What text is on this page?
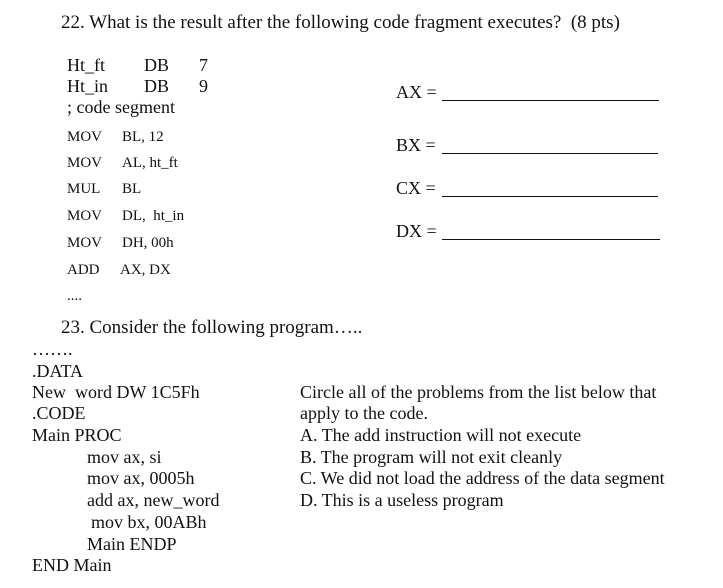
22. What is the result after the following code fragment executes?  (8 pts)
Ht_ft DB 7
Ht_in DB 9
; code segment
MOV BL, 12
MOV AL, ht_ft
MUL BL
MOV DL,  ht_in
MOV DH, 00h
ADD AX, DX
....
AX =
BX =
CX =
DX =
23. Consider the following program…..
…….
.DATA
New  word DW 1C5Fh
.CODE
Main PROC
mov ax, si
mov ax, 0005h
add ax, new_word
mov bx, 00ABh
Main ENDP
END Main
Circle all of the problems from the list below that
apply to the code.
A. The add instruction will not execute
B. The program will not exit cleanly
C. We did not load the address of the data segment
D. This is a useless program
